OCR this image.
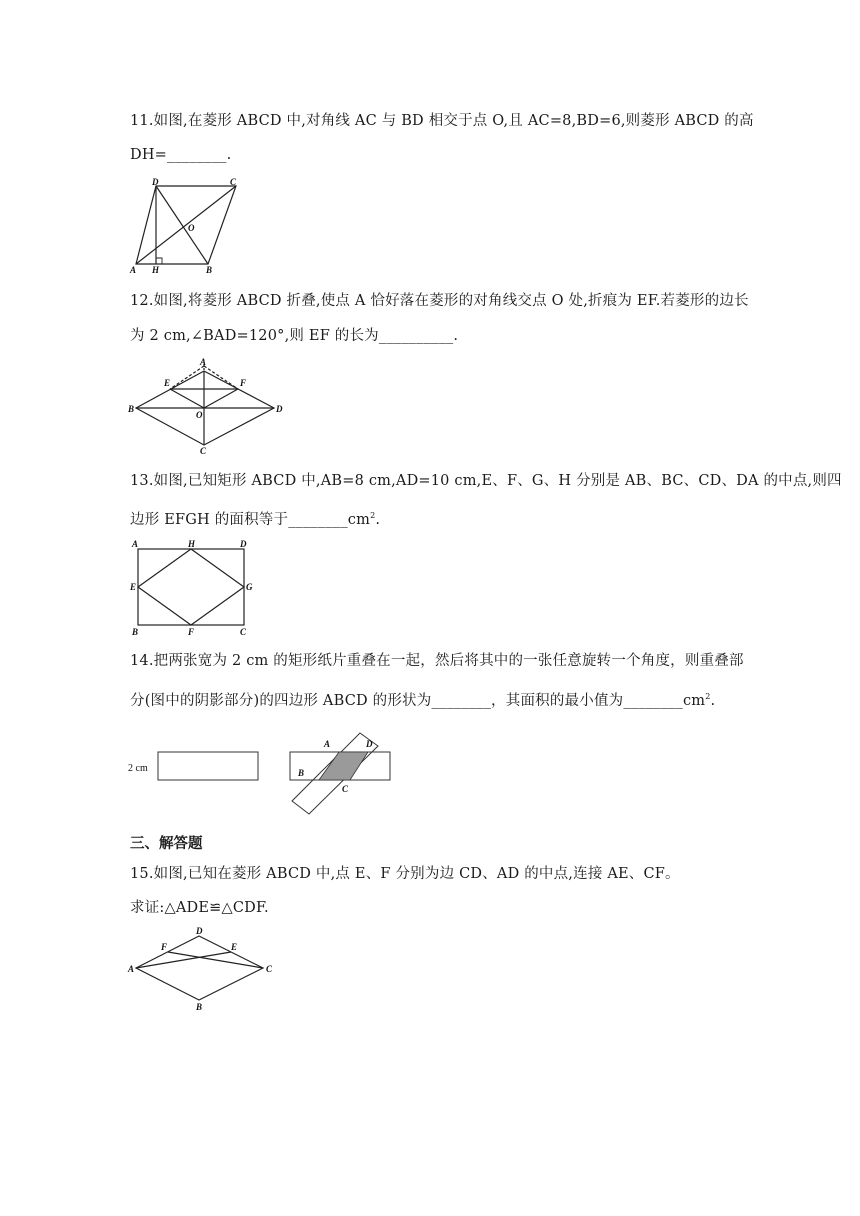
11.如图,在菱形 ABCD 中,对角线 AC 与 BD 相交于点 O,且 AC=8,BD=6,则菱形 ABCD 的高
DH=________.
D	C
O
A H	B
12.如图,将菱形 ABCD 折叠,使点 A 恰好落在菱形的对角线交点 O 处,折痕为 EF.若菱形的边长
为 2 cm,∠BAD=120°,则 EF 的长为__________.
A
E	F
B
O
D
C
13.如图,已知矩形 ABCD 中,AB=8 cm,AD=10 cm,E、F、G、H 分别是 AB、BC、CD、DA 的中点,则四
边形 EFGH 的面积等于$\_\_\_\_\_\_\_\_cm^2$.
A	H	D
E	G
B	F	C
14.把两张宽为 2 cm 的矩形纸片重叠在一起，然后将其中的一张任意旋转一个角度，则重叠部
分(图中的阴影部分)的四边形 ABCD 的形状为________，其面积的最小值为$\_\_\_\_\_\_\_\_cm^2$.
2 cm
A	D
B
C
三、解答题
15.如图,已知在菱形 ABCD 中,点 E、F 分别为边 CD、AD 的中点,连接 AE、CF。
求证:△ADE≌△CDF.
D
F	E
A	C
B
